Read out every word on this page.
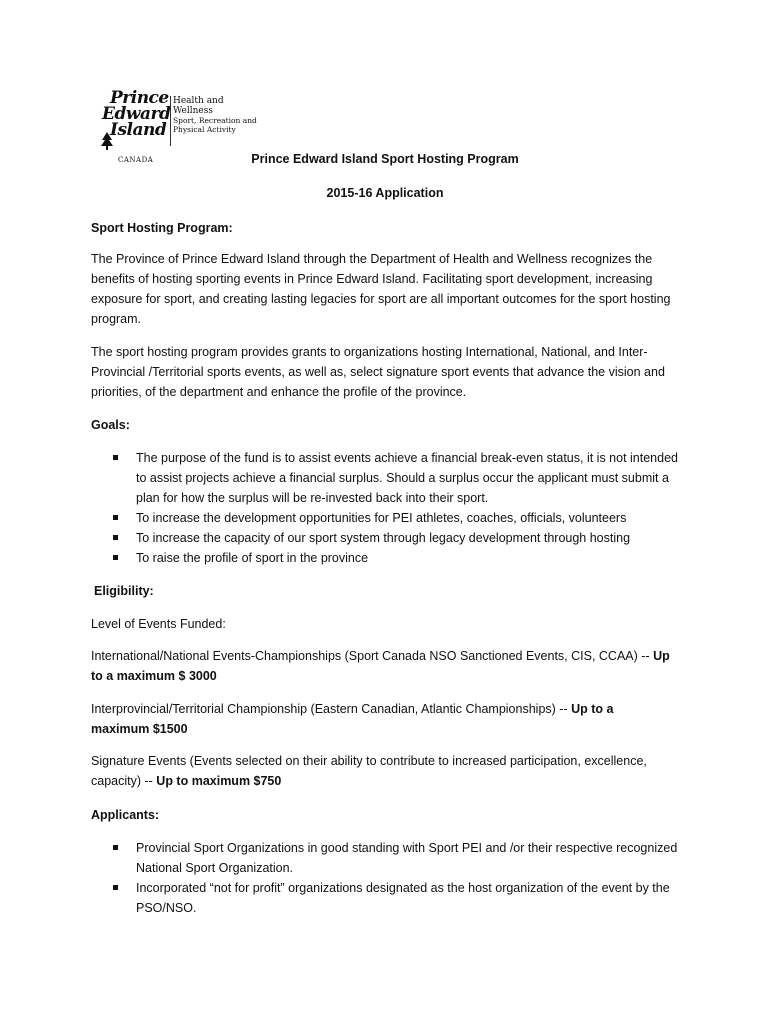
Prince
Edward
Island
CANADA
Health and
Wellness
Sport, Recreation and
Physical Activity
Prince Edward Island Sport Hosting Program
2015-16 Application
Sport Hosting Program:
The Province of Prince Edward Island through the Department of Health and Wellness recognizes the benefits of hosting sporting events in Prince Edward Island. Facilitating sport development, increasing exposure for sport, and creating lasting legacies for sport are all important outcomes for the sport hosting program.
The sport hosting program provides grants to organizations hosting International, National, and Inter-Provincial /Territorial sports events, as well as, select signature sport events that advance the vision and priorities, of the department and enhance the profile of the province.
Goals:
The purpose of the fund is to assist events achieve a financial break-even status, it is not intended to assist projects achieve a financial surplus. Should a surplus occur the applicant must submit a plan for how the surplus will be re-invested back into their sport.
To increase the development opportunities for PEI athletes, coaches, officials, volunteers
To increase the capacity of our sport system through legacy development through hosting
To raise the profile of sport in the province
Eligibility:
Level of Events Funded:
International/National Events-Championships (Sport Canada NSO Sanctioned Events, CIS, CCAA) -- Up to a maximum $ 3000
Interprovincial/Territorial Championship (Eastern Canadian, Atlantic Championships) -- Up to a maximum $1500
Signature Events (Events selected on their ability to contribute to increased participation, excellence, capacity) -- Up to maximum $750
Applicants:
Provincial Sport Organizations in good standing with Sport PEI and /or their respective recognized National Sport Organization.
Incorporated “not for profit” organizations designated as the host organization of the event by the PSO/NSO.
